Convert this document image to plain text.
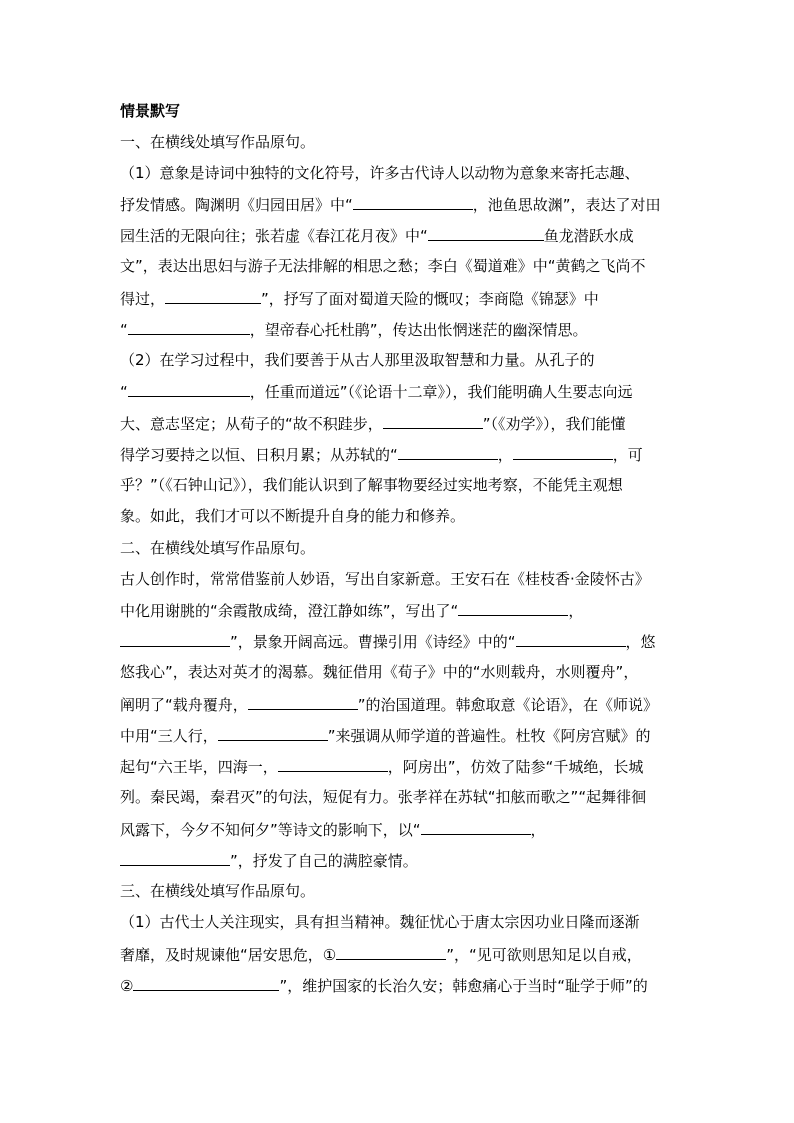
情景默写
一、在横线处填写作品原句。
（1）意象是诗词中独特的文化符号，许多古代诗人以动物为意象来寄托志趣、
抒发情感。陶渊明《归园田居》中“	，池鱼思故渊”，表达了对田
园生活的无限向往；张若虚《春江花月夜》中“	鱼龙潜跃水成
文”，表达出思妇与游子无法排解的相思之愁；李白《蜀道难》中“黄鹤之飞尚不
得过，	”，抒写了面对蜀道天险的慨叹；李商隐《锦瑟》中
“	，望帝春心托杜鹃”，传达出怅惘迷茫的幽深情思。
（2）在学习过程中，我们要善于从古人那里汲取智慧和力量。从孔子的
“	，任重而道远”（《论语十二章》），我们能明确人生要志向远
大、意志坚定；从荀子的“故不积跬步，	”（《劝学》），我们能懂
得学习要持之以恒、日积月累；从苏轼的“	，	，可
乎？”（《石钟山记》），我们能认识到了解事物要经过实地考察，不能凭主观想
象。如此，我们才可以不断提升自身的能力和修养。
二、在横线处填写作品原句。
古人创作时，常常借鉴前人妙语，写出自家新意。王安石在《桂枝香·金陵怀古》
中化用谢朓的“余霞散成绮，澄江静如练”，写出了“	，
”，景象开阔高远。曹操引用《诗经》中的“	，悠
悠我心”，表达对英才的渴慕。魏征借用《荀子》中的“水则载舟，水则覆舟”，
阐明了“载舟覆舟，	”的治国道理。韩愈取意《论语》，在《师说》
中用“三人行，	”来强调从师学道的普遍性。杜牧《阿房宫赋》的
起句“六王毕，四海一，	，阿房出”，仿效了陆参“千城绝，长城
列。秦民竭，秦君灭”的句法，短促有力。张孝祥在苏轼“扣舷而歌之”“起舞徘徊
风露下，今夕不知何夕”等诗文的影响下，以“	，
”，抒发了自己的满腔豪情。
三、在横线处填写作品原句。
（1）古代士人关注现实，具有担当精神。魏征忧心于唐太宗因功业日隆而逐渐
奢靡，及时规谏他“居安思危，①	”，“见可欲则思知足以自戒，
②	”，维护国家的长治久安；韩愈痛心于当时“耻学于师”的
